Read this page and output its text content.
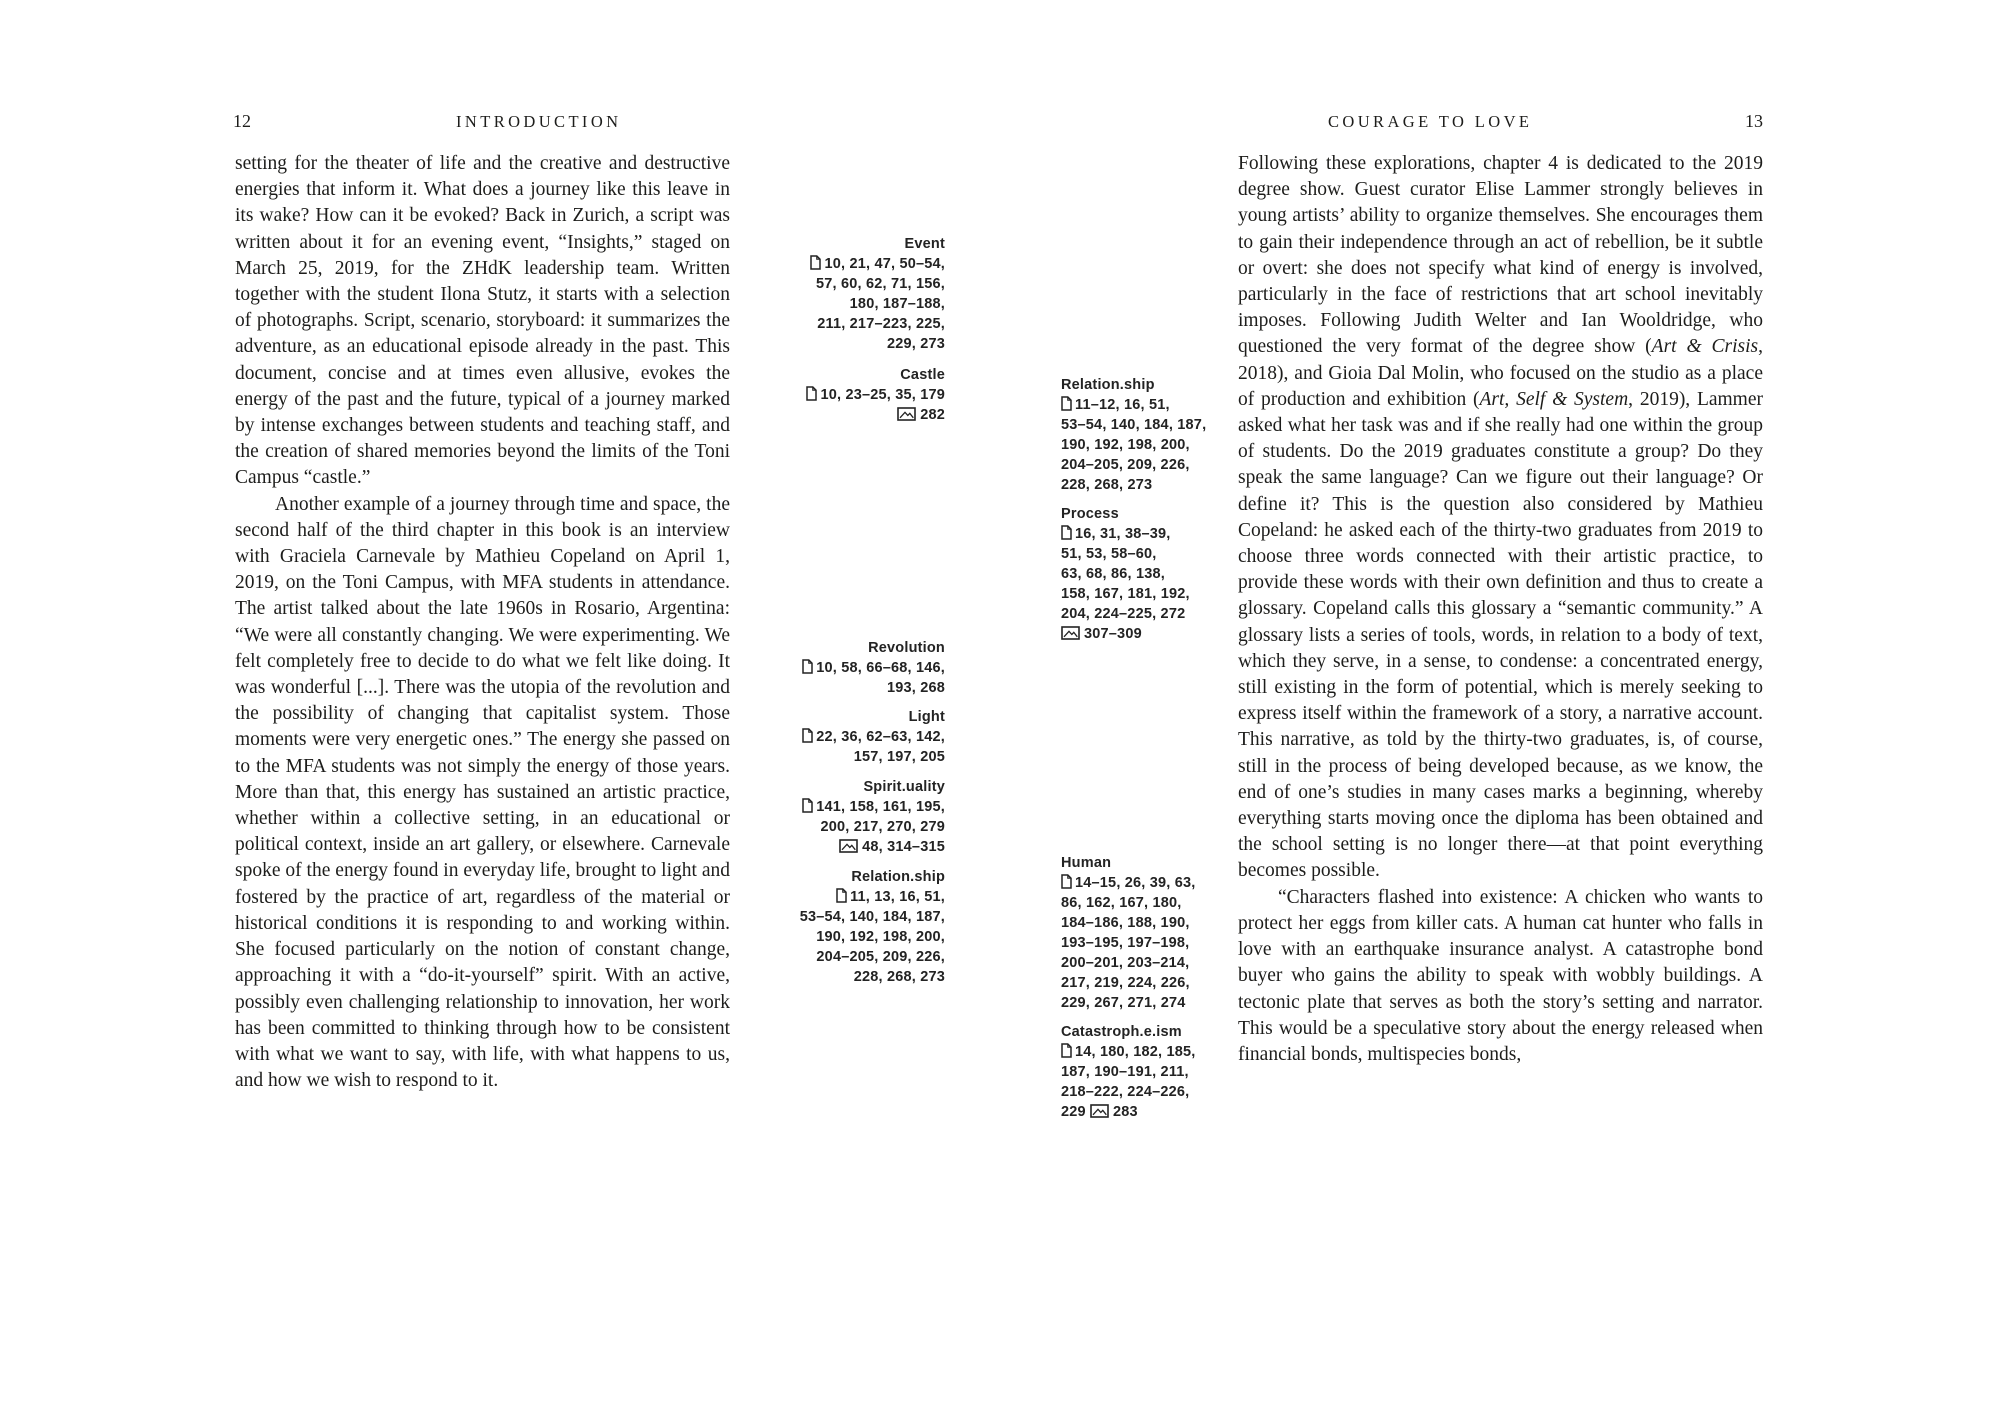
12	INTRODUCTION

setting for the theater of life and the creative and destructive energies that inform it. What does a journey like this leave in its wake? How can it be evoked? Back in Zurich, a script was written about it for an evening event, “Insights,” staged on March 25, 2019, for the ZHdK leadership team. Written together with the student Ilona Stutz, it starts with a selection of photographs. Script, scenario, storyboard: it summarizes the adventure, as an educational episode already in the past. This document, concise and at times even allusive, evokes the energy of the past and the future, typical of a journey marked by intense exchanges between students and teaching staff, and the creation of shared memories beyond the limits of the Toni Campus “castle.”

Another example of a journey through time and space, the second half of the third chapter in this book is an interview with Graciela Carnevale by Mathieu Copeland on April 1, 2019, on the Toni Campus, with MFA students in attendance. The artist talked about the late 1960s in Rosario, Argentina: “We were all constantly changing. We were experimenting. We felt completely free to decide to do what we felt like doing. It was wonderful [...]. There was the utopia of the revolution and the possibility of changing that capitalist system. Those moments were very energetic ones.” The energy she passed on to the MFA students was not simply the energy of those years. More than that, this energy has sustained an artistic practice, whether within a collective setting, in an educational or political context, inside an art gallery, or elsewhere. Carnevale spoke of the energy found in everyday life, brought to light and fostered by the practice of art, regardless of the material or historical conditions it is responding to and working within. She focused particularly on the notion of constant change, approaching it with a “do-it-yourself” spirit. With an active, possibly even challenging relationship to innovation, her work has been committed to thinking through how to be consistent with what we want to say, with life, with what happens to us, and how we wish to respond to it.

Event
10, 21, 47, 50–54,
57, 60, 62, 71, 156,
180, 187–188,
211, 217–223, 225,
229, 273
Castle
10, 23–25, 35, 179
282
Revolution
10, 58, 66–68, 146,
193, 268
Light
22, 36, 62–63, 142,
157, 197, 205
Spirit.uality
141, 158, 161, 195,
200, 217, 270, 279
48, 314–315
Relation.ship
11, 13, 16, 51,
53–54, 140, 184, 187,
190, 192, 198, 200,
204–205, 209, 226,
228, 268, 273
Relation.ship
11–12, 16, 51,
53–54, 140, 184, 187,
190, 192, 198, 200,
204–205, 209, 226,
228, 268, 273
Process
16, 31, 38–39,
51, 53, 58–60,
63, 68, 86, 138,
158, 167, 181, 192,
204, 224–225, 272
307–309
Human
14–15, 26, 39, 63,
86, 162, 167, 180,
184–186, 188, 190,
193–195, 197–198,
200–201, 203–214,
217, 219, 224, 226,
229, 267, 271, 274
Catastroph.e.ism
14, 180, 182, 185,
187, 190–191, 211,
218–222, 224–226,
229 283

Following these explorations, chapter 4 is dedicated to the 2019 degree show. Guest curator Elise Lammer strongly believes in young artists’ ability to organize themselves. She encourages them to gain their independence through an act of rebellion, be it subtle or overt: she does not specify what kind of energy is involved, particularly in the face of restrictions that art school inevitably imposes. Following Judith Welter and Ian Wooldridge, who questioned the very format of the degree show (Art & Crisis, 2018), and Gioia Dal Molin, who focused on the studio as a place of production and exhibition (Art, Self & System, 2019), Lammer asked what her task was and if she really had one within the group of students. Do the 2019 graduates constitute a group? Do they speak the same language? Can we figure out their language? Or define it? This is the question also considered by Mathieu Copeland: he asked each of the thirty-two graduates from 2019 to choose three words connected with their artistic practice, to provide these words with their own definition and thus to create a glossary. Copeland calls this glossary a “semantic community.” A glossary lists a series of tools, words, in relation to a body of text, which they serve, in a sense, to condense: a concentrated energy, still existing in the form of potential, which is merely seeking to express itself within the framework of a story, a narrative account. This narrative, as told by the thirty-two graduates, is, of course, still in the process of being developed because, as we know, the end of one’s studies in many cases marks a beginning, whereby everything starts moving once the diploma has been obtained and the school setting is no longer there—at that point everything becomes possible.

“Characters flashed into existence: A chicken who wants to protect her eggs from killer cats. A human cat hunter who falls in love with an earthquake insurance analyst. A catastrophe bond buyer who gains the ability to speak with wobbly buildings. A tectonic plate that serves as both the story’s setting and narrator. This would be a speculative story about the energy released when financial bonds, multispecies bonds,

COURAGE TO LOVE	13
